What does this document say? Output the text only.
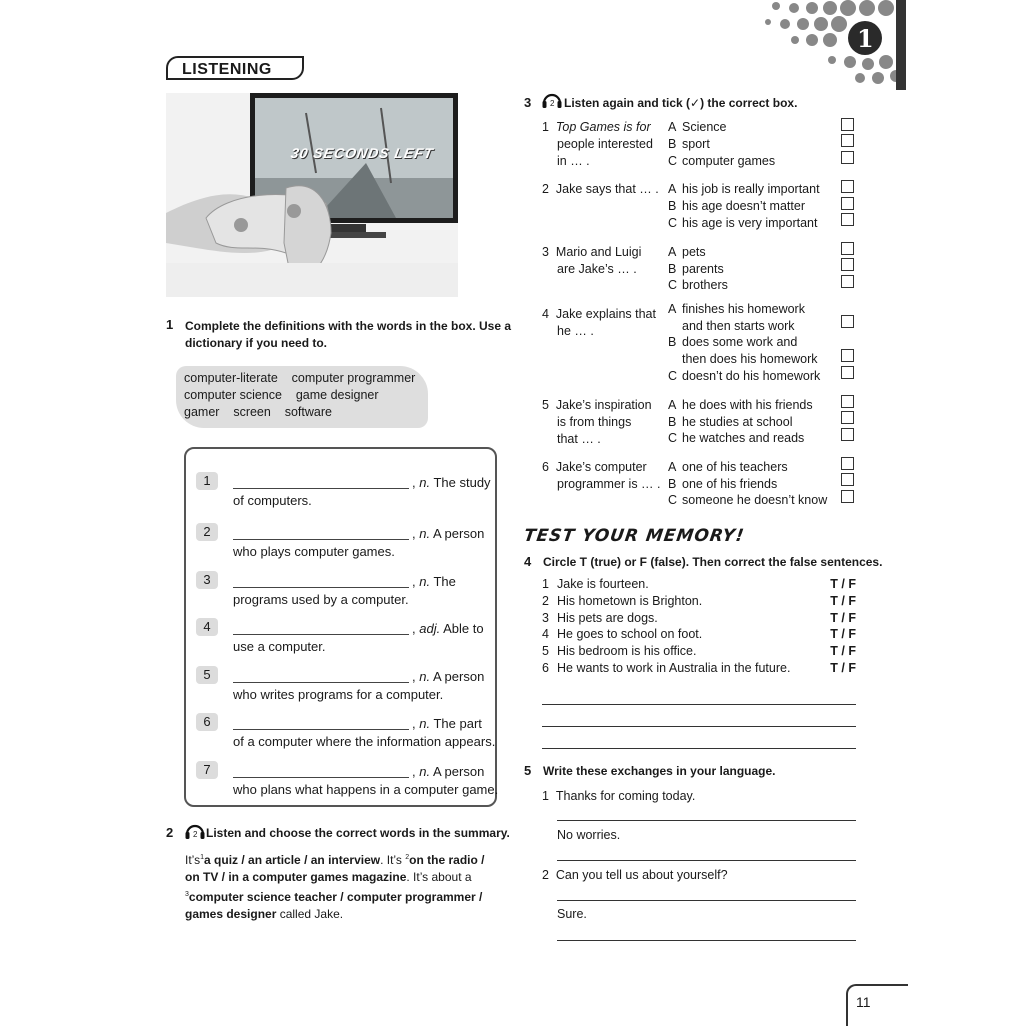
1
LISTENING
30 SECONDS LEFT
1 Complete the definitions with the words in the box. Use a
dictionary if you need to.
computer-literate    computer programmer
computer science    game designer
gamer    screen    software
1	, n. The study
of computers.
2	, n. A person
who plays computer games.
3	, n. The
programs used by a computer.
4	, adj. Able to
use a computer.
5	, n. A person
who writes programs for a computer.
6	, n. The part
of a computer where the information appears.
7	, n. A person
who plans what happens in a computer game.
2 2 Listen and choose the correct words in the summary.
$It’s^1a$ quiz / an article / an interview. It’s $^2$on the radio /
on TV / in a computer games magazine. It’s about a
$^3$computer science teacher / computer programmer /
games designer called Jake.
3 2 Listen again and tick (✓) the correct box.
1 Top Games is for
people interested
in … .
A Science
B sport
C computer games
2 Jake says that … . A his job is really important
B his age doesn’t matter
C his age is very important
3 Mario and Luigi
are Jake’s … .
A pets
B parents
C brothers
4 Jake explains that
he … .
A finishes his homework
and then starts work
B does some work and
then does his homework
C doesn’t do his homework
5 Jake’s inspiration
is from things
that … .
A he does with his friends
B he studies at school
C he watches and reads
6 Jake’s computer
programmer is … .
A one of his teachers
B one of his friends
C someone he doesn’t know
TEST YOUR MEMORY!
4 Circle T (true) or F (false). Then correct the false sentences.
1 Jake is fourteen.	T / F
2 His hometown is Brighton.	T / F
3 His pets are dogs.	T / F
4 He goes to school on foot.	T / F
5 His bedroom is his office.	T / F
6 He wants to work in Australia in the future.	T / F
5 Write these exchanges in your language.
1 Thanks for coming today.
No worries.
2 Can you tell us about yourself?
Sure.
11
